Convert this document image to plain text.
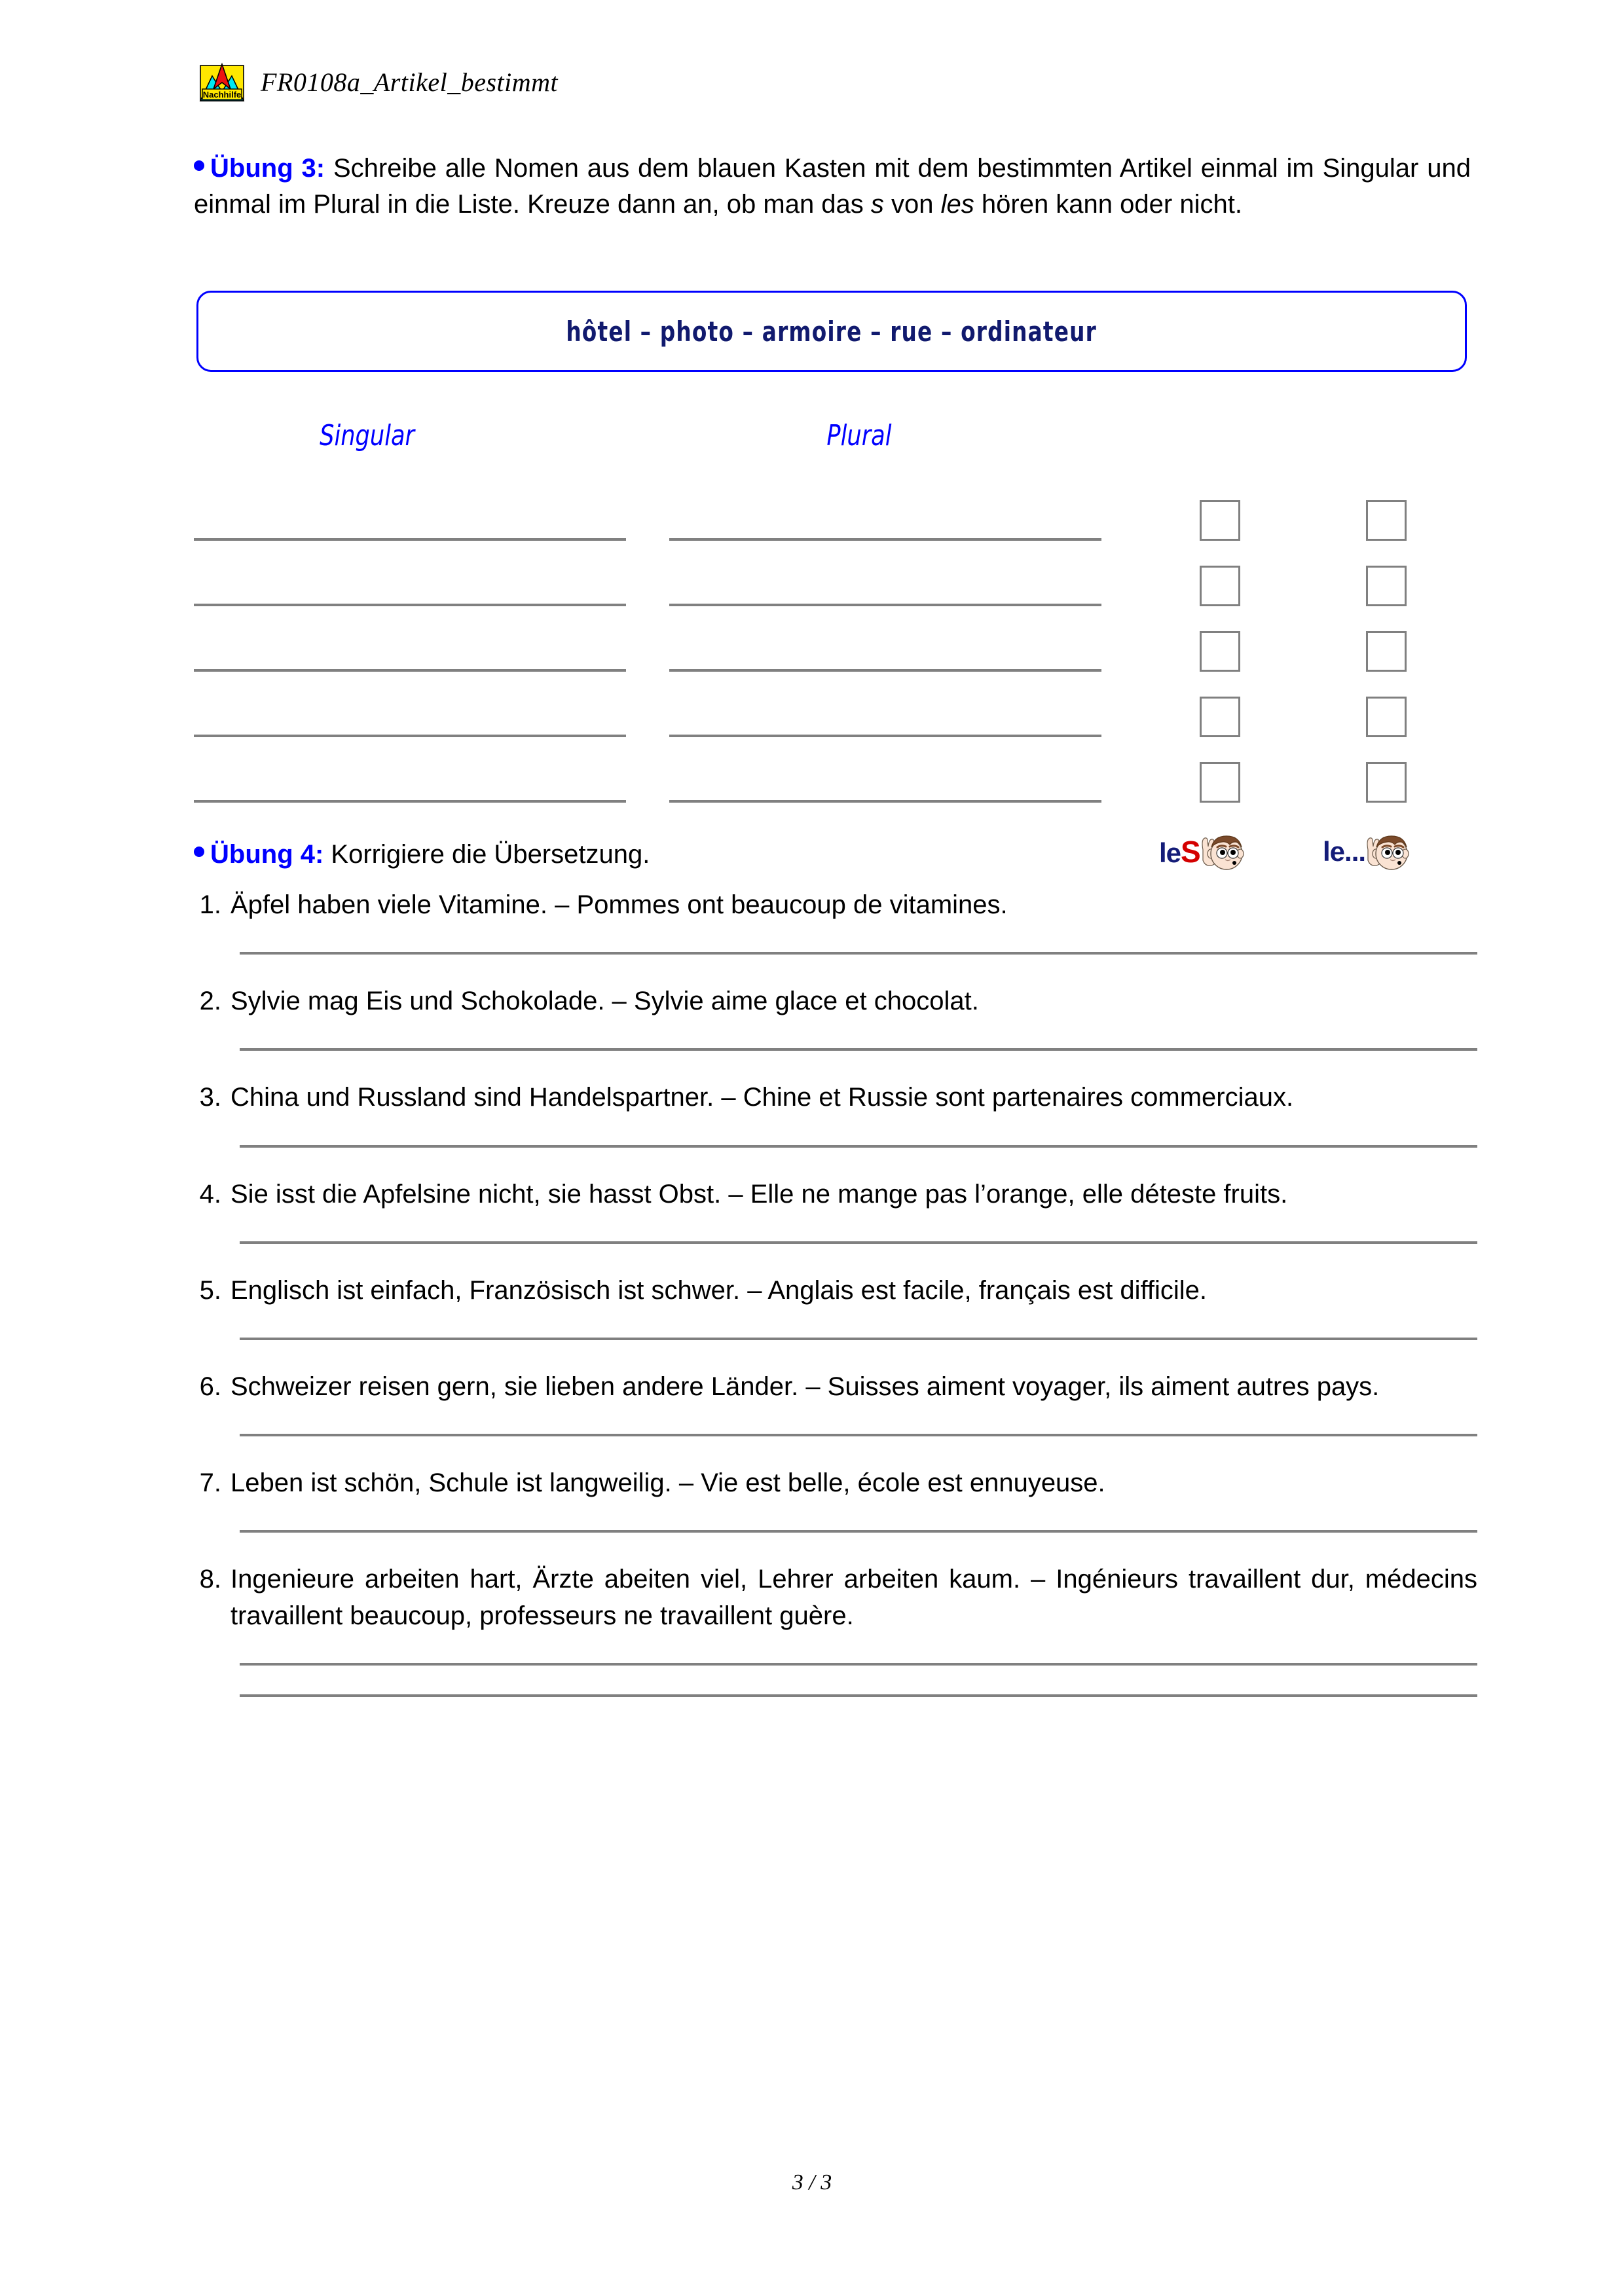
Nachhilfe FR0108a_Artikel_bestimmt

Übung 3: Schreibe alle Nomen aus dem blauen Kasten mit dem bestimmten Artikel einmal im Singular und einmal im Plural in die Liste. Kreuze dann an, ob man das s von les hören kann oder nicht.

hôtel – photo – armoire – rue – ordinateur
Singular	Plural
leS	le...

Übung 4: Korrigiere die Übersetzung.

1. Äpfel haben viele Vitamine. – Pommes ont beaucoup de vitamines.
2. Sylvie mag Eis und Schokolade. – Sylvie aime glace et chocolat.
3. China und Russland sind Handelspartner. – Chine et Russie sont partenaires commerciaux.
4. Sie isst die Apfelsine nicht, sie hasst Obst. – Elle ne mange pas l’orange, elle déteste fruits.
5. Englisch ist einfach, Französisch ist schwer. – Anglais est facile, français est difficile.
6. Schweizer reisen gern, sie lieben andere Länder. – Suisses aiment voyager, ils aiment autres pays.
7. Leben ist schön, Schule ist langweilig. – Vie est belle, école est ennuyeuse.
8. Ingenieure arbeiten hart, Ärzte abeiten viel, Lehrer arbeiten kaum. – Ingénieurs travaillent dur, médecins travaillent beaucoup, professeurs ne travaillent guère.
3 / 3
